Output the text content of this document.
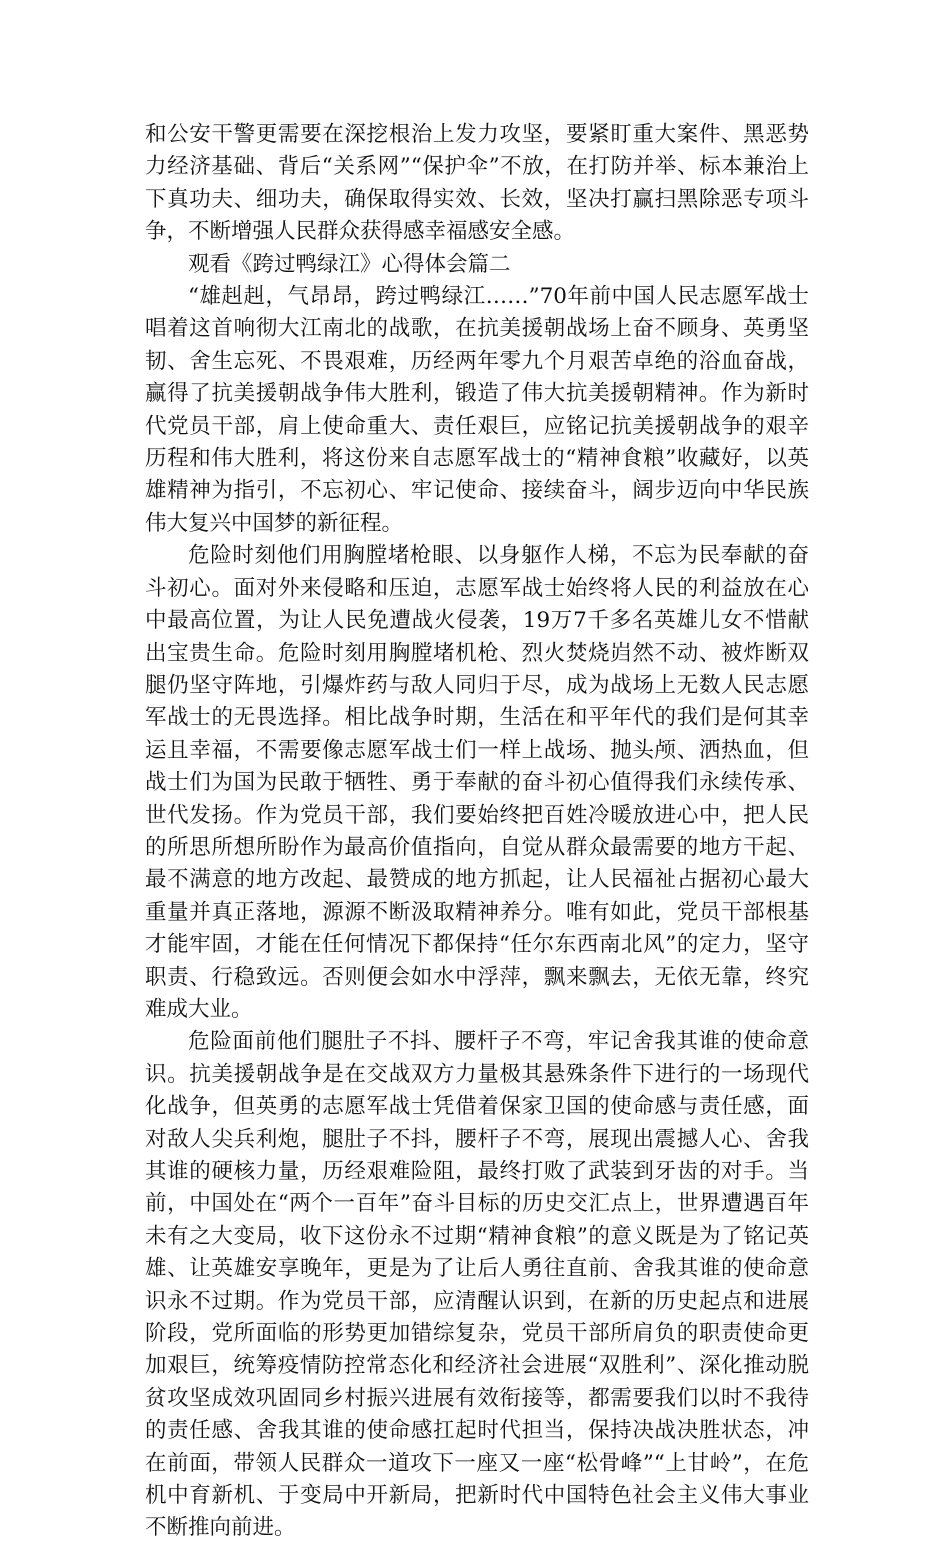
和公安干警更需要在深挖根治上发力攻坚，要紧盯重大案件、黑恶势力经济基础、背后“关系网”“保护伞”不放，在打防并举、标本兼治上下真功夫、细功夫，确保取得实效、长效，坚决打赢扫黑除恶专项斗争，不断增强人民群众获得感幸福感安全感。

观看《跨过鸭绿江》心得体会篇二

“雄赳赳，气昂昂，跨过鸭绿江……”70年前中国人民志愿军战士唱着这首响彻大江南北的战歌，在抗美援朝战场上奋不顾身、英勇坚韧、舍生忘死、不畏艰难，历经两年零九个月艰苦卓绝的浴血奋战，赢得了抗美援朝战争伟大胜利，锻造了伟大抗美援朝精神。作为新时代党员干部，肩上使命重大、责任艰巨，应铭记抗美援朝战争的艰辛历程和伟大胜利，将这份来自志愿军战士的“精神食粮”收藏好，以英雄精神为指引，不忘初心、牢记使命、接续奋斗，阔步迈向中华民族伟大复兴中国梦的新征程。

危险时刻他们用胸膛堵枪眼、以身躯作人梯，不忘为民奉献的奋斗初心。面对外来侵略和压迫，志愿军战士始终将人民的利益放在心中最高位置，为让人民免遭战火侵袭，19万7千多名英雄儿女不惜献出宝贵生命。危险时刻用胸膛堵机枪、烈火焚烧岿然不动、被炸断双腿仍坚守阵地，引爆炸药与敌人同归于尽，成为战场上无数人民志愿军战士的无畏选择。相比战争时期，生活在和平年代的我们是何其幸运且幸福，不需要像志愿军战士们一样上战场、抛头颅、洒热血，但战士们为国为民敢于牺牲、勇于奉献的奋斗初心值得我们永续传承、世代发扬。作为党员干部，我们要始终把百姓冷暖放进心中，把人民的所思所想所盼作为最高价值指向，自觉从群众最需要的地方干起、最不满意的地方改起、最赞成的地方抓起，让人民福祉占据初心最大重量并真正落地，源源不断汲取精神养分。唯有如此，党员干部根基才能牢固，才能在任何情况下都保持“任尔东西南北风”的定力，坚守职责、行稳致远。否则便会如水中浮萍，飘来飘去，无依无靠，终究难成大业。

危险面前他们腿肚子不抖、腰杆子不弯，牢记舍我其谁的使命意识。抗美援朝战争是在交战双方力量极其悬殊条件下进行的一场现代化战争，但英勇的志愿军战士凭借着保家卫国的使命感与责任感，面对敌人尖兵利炮，腿肚子不抖，腰杆子不弯，展现出震撼人心、舍我其谁的硬核力量，历经艰难险阻，最终打败了武装到牙齿的对手。当前，中国处在“两个一百年”奋斗目标的历史交汇点上，世界遭遇百年未有之大变局，收下这份永不过期“精神食粮”的意义既是为了铭记英雄、让英雄安享晚年，更是为了让后人勇往直前、舍我其谁的使命意识永不过期。作为党员干部，应清醒认识到，在新的历史起点和进展阶段，党所面临的形势更加错综复杂，党员干部所肩负的职责使命更加艰巨，统筹疫情防控常态化和经济社会进展“双胜利”、深化推动脱贫攻坚成效巩固同乡村振兴进展有效衔接等，都需要我们以时不我待的责任感、舍我其谁的使命感扛起时代担当，保持决战决胜状态，冲在前面，带领人民群众一道攻下一座又一座“松骨峰”“上甘岭”，在危机中育新机、于变局中开新局，把新时代中国特色社会主义伟大事业不断推向前进。
